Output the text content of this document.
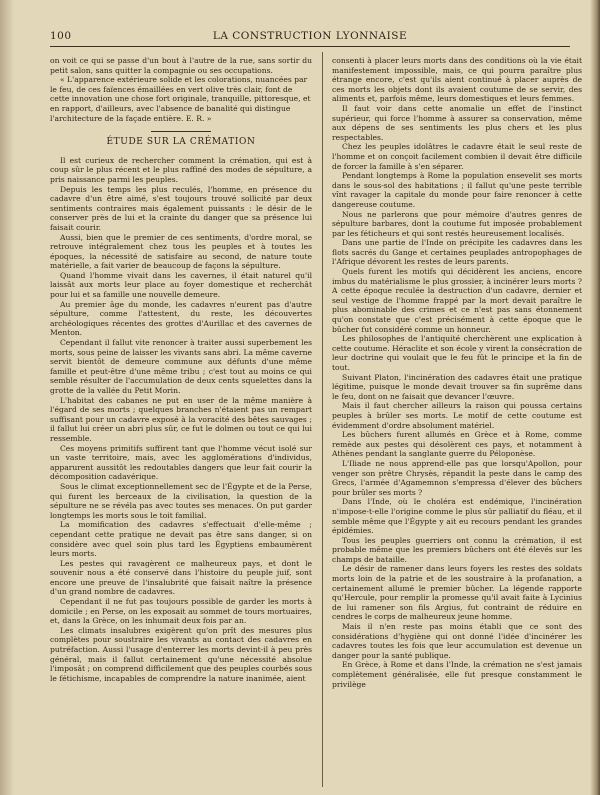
100	LA CONSTRUCTION LYONNAISE

on voit ce qui se passe d'un bout à l'autre de la rue, sans sortir du petit salon, sans quitter la compagnie ou ses occupations.

« L'apparence extérieure solide et les colorations, nuancées par le feu, de ces faïences émaillées en vert olive très clair, font de cette innovation une chose fort originale, tranquille, pittoresque, et en rapport, d'ailleurs, avec l'absence de banalité qui distingue l'architecture de la façade entière. E. R. »

ÉTUDE SUR LA CRÉMATION

Il est curieux de rechercher comment la crémation, qui est à coup sûr le plus récent et le plus raffiné des modes de sépulture, a pris naissance parmi les peuples.

Depuis les temps les plus reculés, l'homme, en présence du cadavre d'un être aimé, s'est toujours trouvé sollicité par deux sentiments contraires mais également puissants : le désir de le conserver près de lui et la crainte du danger que sa présence lui faisait courir.

Aussi, bien que le premier de ces sentiments, d'ordre moral, se retrouve intégralement chez tous les peuples et à toutes les époques, la nécessité de satisfaire au second, de nature toute matérielle, a fait varier de beaucoup de façons la sépulture.

Quand l'homme vivait dans les cavernes, il était naturel qu'il laissât aux morts leur place au foyer domestique et recherchât pour lui et sa famille une nouvelle demeure.

Au premier âge du monde, les cadavres n'eurent pas d'autre sépulture, comme l'attestent, du reste, les découvertes archéologiques récentes des grottes d'Aurillac et des cavernes de Menton.

Cependant il fallut vite renoncer à traiter aussi superbement les morts, sous peine de laisser les vivants sans abri. La même caverne servit bientôt de demeure commune aux défunts d'une même famille et peut-être d'une même tribu ; c'est tout au moins ce qui semble résulter de l'accumulation de deux cents squelettes dans la grotte de la vallée du Petit Morin.

L'habitat des cabanes ne put en user de la même manière à l'égard de ses morts ; quelques branches n'étaient pas un rempart suffisant pour un cadavre exposé à la voracité des bêtes sauvages ; il fallut lui créer un abri plus sûr, ce fut le dolmen ou tout ce qui lui ressemble.

Ces moyens primitifs suffirent tant que l'homme vécut isolé sur un vaste territoire, mais, avec les agglomérations d'individus, apparurent aussitôt les redoutables dangers que leur fait courir la décomposition cadavérique.

Sous le climat exceptionnellement sec de l'Égypte et de la Perse, qui furent les berceaux de la civilisation, la question de la sépulture ne se révéla pas avec toutes ses menaces. On put garder longtemps les morts sous le toit familial.

La momification des cadavres s'effectuait d'elle-même ; cependant cette pratique ne devait pas être sans danger, si on considère avec quel soin plus tard les Égyptiens embaumèrent leurs morts.

Les pestes qui ravagèrent ce malheureux pays, et dont le souvenir nous a été conservé dans l'histoire du peuple juif, sont encore une preuve de l'insalubrité que faisait naître la présence d'un grand nombre de cadavres.

Cependant il ne fut pas toujours possible de garder les morts à domicile ; en Perse, on les exposait au sommet de tours mortuaires, et, dans la Grèce, on les inhumait deux fois par an.

Les climats insalubres exigèrent qu'on prît des mesures plus complètes pour soustraire les vivants au contact des cadavres en putréfaction. Aussi l'usage d'enterrer les morts devint-il à peu près général, mais il fallut certainement qu'une nécessité absolue l'imposât ; on comprend difficilement que des peuples courbés sous le fétichisme, incapables de comprendre la nature inanimée, aient

consenti à placer leurs morts dans des conditions où la vie était manifestement impossible, mais, ce qui pourra paraître plus étrange encore, c'est qu'ils aient continué à placer auprès de ces morts les objets dont ils avaient coutume de se servir, des aliments et, parfois même, leurs domestiques et leurs femmes.

Il faut voir dans cette anomalie un effet de l'instinct supérieur, qui force l'homme à assurer sa conservation, même aux dépens de ses sentiments les plus chers et les plus respectables.

Chez les peuples idolâtres le cadavre était le seul reste de l'homme et on conçoit facilement combien il devait être difficile de forcer la famille à s'en séparer.

Pendant longtemps à Rome la population ensevelit ses morts dans le sous-sol des habitations ; il fallut qu'une peste terrible vînt ravager la capitale du monde pour faire renoncer à cette dangereuse coutume.

Nous ne parlerons que pour mémoire d'autres genres de sépulture barbares, dont la coutume fut imposée probablement par les féticheurs et qui sont restés heureusement localisés.

Dans une partie de l'Inde on précipite les cadavres dans les flots sacrés du Gange et certaines peuplades antropophages de l'Afrique dévorent les restes de leurs parents.

Quels furent les motifs qui décidèrent les anciens, encore imbus du matérialisme le plus grossier, à incinérer leurs morts ? A cette époque reculée la destruction d'un cadavre, dernier et seul vestige de l'homme frappé par la mort devait paraître le plus abominable des crimes et ce n'est pas sans étonnement qu'on constate que c'est précisément à cette époque que le bûcher fut considéré comme un honneur.

Les philosophes de l'antiquité cherchèrent une explication à cette coutume. Héraclite et son école y virent la consécration de leur doctrine qui voulait que le feu fût le principe et la fin de tout.

Suivant Platon, l'incinération des cadavres était une pratique légitime, puisque le monde devait trouver sa fin suprême dans le feu, dont on ne faisait que devancer l'œuvre.

Mais il faut chercher ailleurs la raison qui poussa certains peuples à brûler ses morts. Le motif de cette coutume est évidemment d'ordre absolument matériel.

Les bûchers furent allumés en Grèce et à Rome, comme remède aux pestes qui désolèrent ces pays, et notamment à Athènes pendant la sanglante guerre du Péloponèse.

L'Iliade ne nous apprend-elle pas que lorsqu'Apollon, pour venger son prêtre Chrysès, répandit la peste dans le camp des Grecs, l'armée d'Agamemnon s'empressa d'élever des bûchers pour brûler ses morts ?

Dans l'Inde, où le choléra est endémique, l'incinération n'impose-t-elle l'origine comme le plus sûr palliatif du fléau, et il semble même que l'Égypte y ait eu recours pendant les grandes épidémies.

Tous les peuples guerriers ont connu la crémation, il est probable même que les premiers bûchers ont été élevés sur les champs de bataille.

Le désir de ramener dans leurs foyers les restes des soldats morts loin de la patrie et de les soustraire à la profanation, a certainement allumé le premier bûcher. La légende rapporte qu'Hercule, pour remplir la promesse qu'il avait faite à Lycinius de lui ramener son fils Argius, fut contraint de réduire en cendres le corps de malheureux jeune homme.

Mais il n'en reste pas moins établi que ce sont des considérations d'hygiène qui ont donné l'idée d'incinérer les cadavres toutes les fois que leur accumulation est devenue un danger pour la santé publique.

En Grèce, à Rome et dans l'Inde, la crémation ne s'est jamais complètement généralisée, elle fut presque constamment le privilège
